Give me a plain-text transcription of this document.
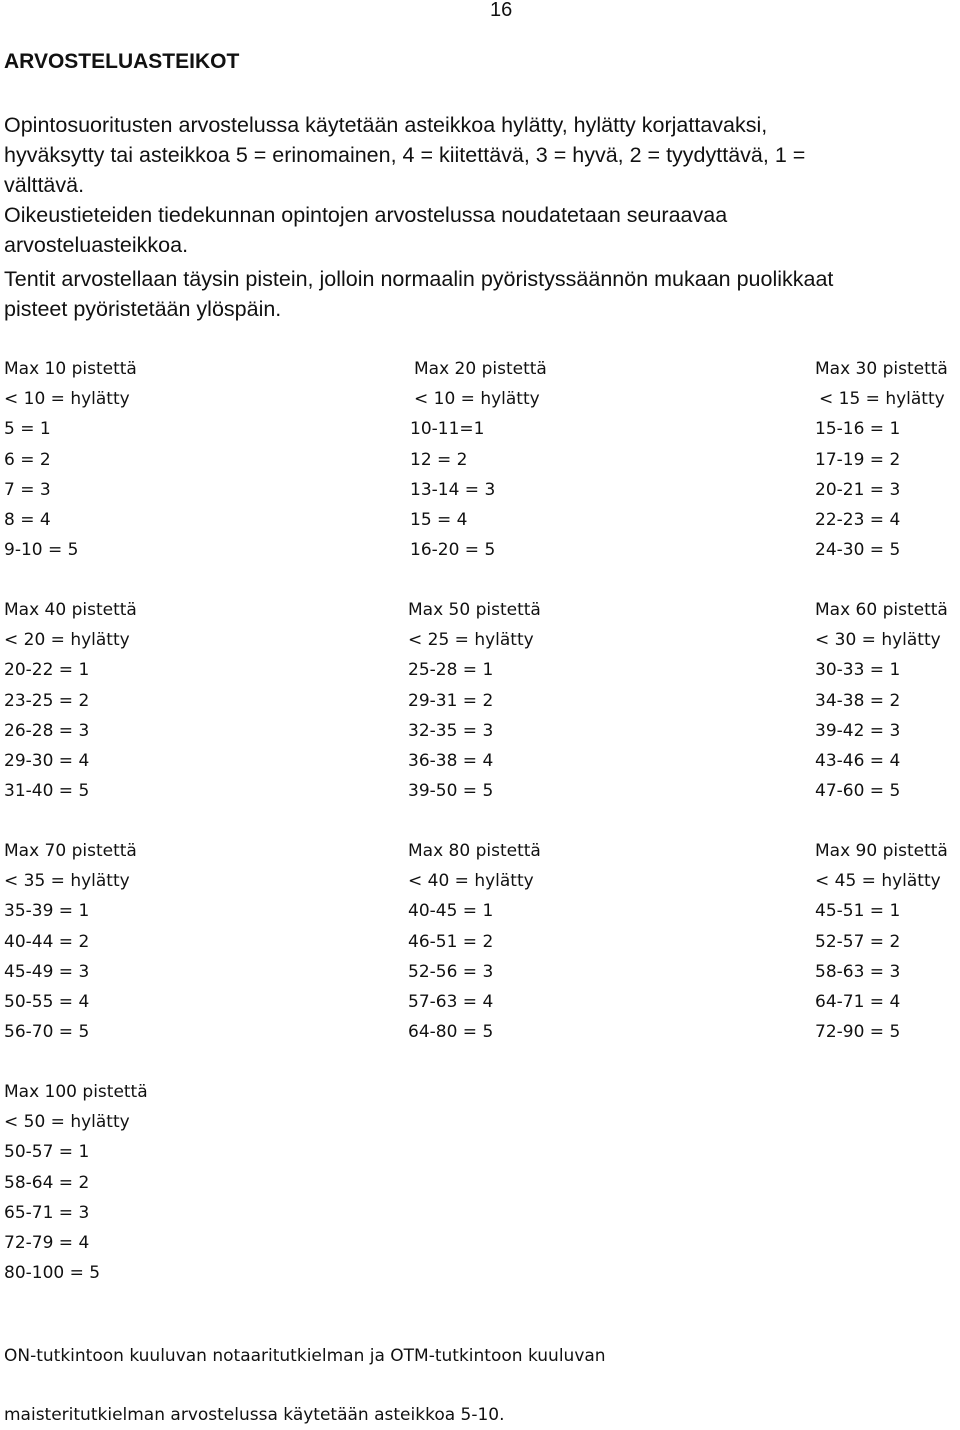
16
ARVOSTELUASTEIKOT
Opintosuoritusten arvostelussa käytetään asteikkoa hylätty, hylätty korjattavaksi,
hyväksytty tai asteikkoa 5 = erinomainen, 4 = kiitettävä, 3 = hyvä, 2 = tyydyttävä, 1 =
välttävä.
Oikeustieteiden tiedekunnan opintojen arvostelussa noudatetaan seuraavaa
arvosteluasteikkoa.
Tentit arvostellaan täysin pistein, jolloin normaalin pyöristyssäännön mukaan puolikkaat
pisteet pyöristetään ylöspäin.
Max 10 pistettä
< 10 = hylätty
5 = 1
6 = 2
7 = 3
8 = 4
9-10 = 5
Max 20 pistettä
< 10 = hylätty
10-11=1
12 = 2
13-14 = 3
15 = 4
16-20 = 5
Max 30 pistettä
< 15 = hylätty
15-16 = 1
17-19 = 2
20-21 = 3
22-23 = 4
24-30 = 5
Max 40 pistettä
< 20 = hylätty
20-22 = 1
23-25 = 2
26-28 = 3
29-30 = 4
31-40 = 5
Max 50 pistettä
< 25 = hylätty
25-28 = 1
29-31 = 2
32-35 = 3
36-38 = 4
39-50 = 5
Max 60 pistettä
< 30 = hylätty
30-33 = 1
34-38 = 2
39-42 = 3
43-46 = 4
47-60 = 5
Max 70 pistettä
< 35 = hylätty
35-39 = 1
40-44 = 2
45-49 = 3
50-55 = 4
56-70 = 5
Max 80 pistettä
< 40 = hylätty
40-45 = 1
46-51 = 2
52-56 = 3
57-63 = 4
64-80 = 5
Max 90 pistettä
< 45 = hylätty
45-51 = 1
52-57 = 2
58-63 = 3
64-71 = 4
72-90 = 5
Max 100 pistettä
< 50 = hylätty
50-57 = 1
58-64 = 2
65-71 = 3
72-79 = 4
80-100 = 5
ON-tutkintoon kuuluvan notaaritutkielman ja OTM-tutkintoon kuuluvan
maisteritutkielman arvostelussa käytetään asteikkoa 5-10.
